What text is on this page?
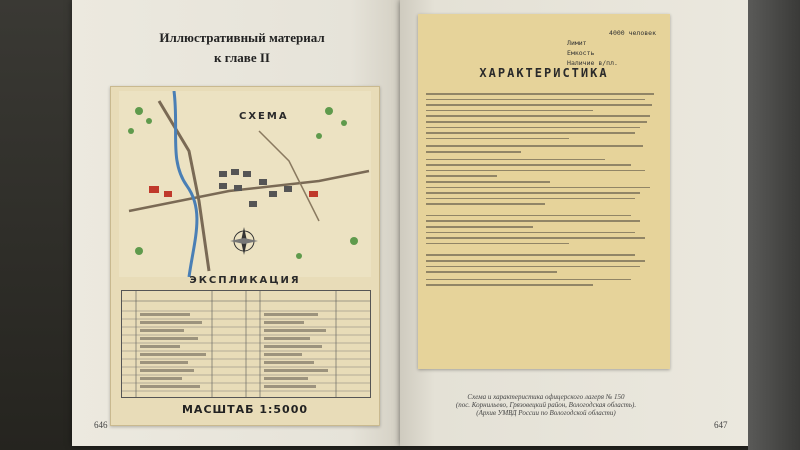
Иллюстративный материал
к главе II
СХЕМА
ЭКСПЛИКАЦИЯ
МАСШТАБ 1:5000
646	647
4000 человек
Лимит
Емкость
Наличие в/пл.
ХАРАКТЕРИСТИКА
Схема и характеристика офицерского лагеря № 150
(пос. Корнильево, Грязовецкий район, Вологодская область).
(Архив УМВД России по Вологодской области)
